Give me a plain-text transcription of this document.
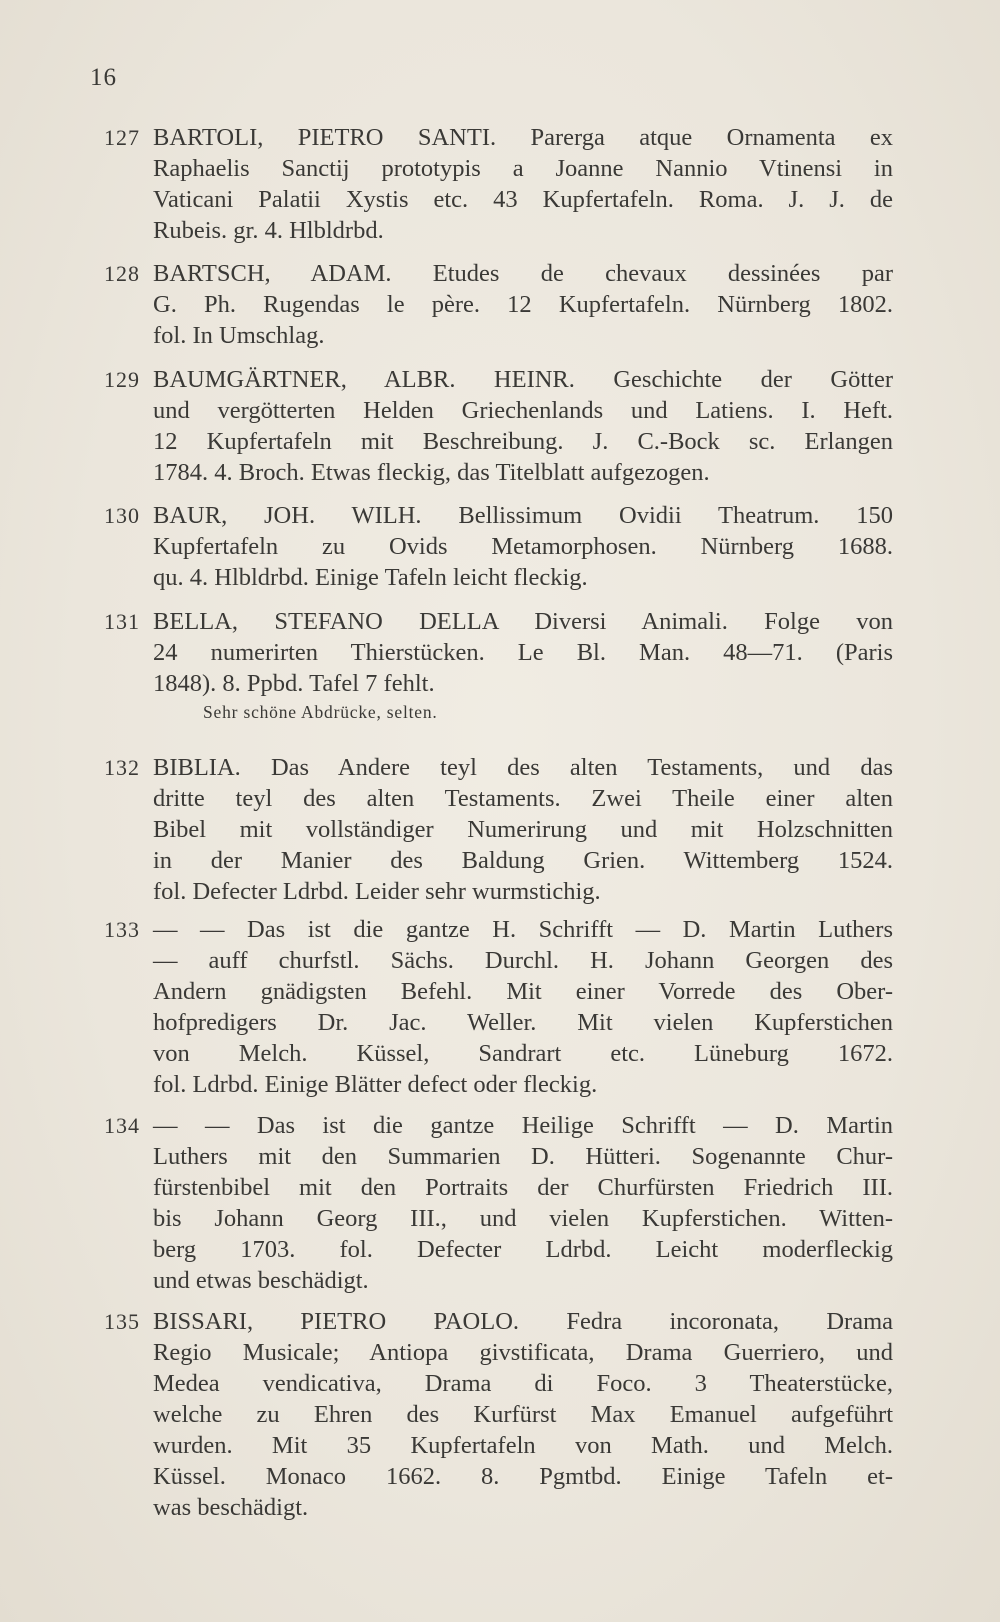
16
127 BARTOLI, PIETRO SANTI. Parerga atque Ornamenta ex
Raphaelis Sanctij prototypis a Joanne Nannio Vtinensi in
Vaticani Palatii Xystis etc. 43 Kupfertafeln. Roma. J. J. de
Rubeis. gr. 4. Hlbldrbd.
128 BARTSCH, ADAM. Etudes de chevaux dessinées par
G. Ph. Rugendas le père. 12 Kupfertafeln. Nürnberg 1802.
fol. In Umschlag.
129 BAUMGÄRTNER, ALBR. HEINR. Geschichte der Götter
und vergötterten Helden Griechenlands und Latiens. I. Heft.
12 Kupfertafeln mit Beschreibung. J. C.-Bock sc. Erlangen
1784. 4. Broch. Etwas fleckig, das Titelblatt aufgezogen.
130 BAUR, JOH. WILH. Bellissimum Ovidii Theatrum. 150
Kupfertafeln zu Ovids Metamorphosen. Nürnberg 1688.
qu. 4. Hlbldrbd. Einige Tafeln leicht fleckig.
131 BELLA, STEFANO DELLA Diversi Animali. Folge von
24 numerirten Thierstücken. Le Bl. Man. 48—71. (Paris
1848). 8. Ppbd. Tafel 7 fehlt.
Sehr schöne Abdrücke, selten.
132 BIBLIA. Das Andere teyl des alten Testaments, und das
dritte teyl des alten Testaments. Zwei Theile einer alten
Bibel mit vollständiger Numerirung und mit Holzschnitten
in der Manier des Baldung Grien. Wittemberg 1524.
fol. Defecter Ldrbd. Leider sehr wurmstichig.
133 — — Das ist die gantze H. Schrifft — D. Martin Luthers
— auff churfstl. Sächs. Durchl. H. Johann Georgen des
Andern gnädigsten Befehl. Mit einer Vorrede des Ober-
hofpredigers Dr. Jac. Weller. Mit vielen Kupferstichen
von Melch. Küssel, Sandrart etc. Lüneburg 1672.
fol. Ldrbd. Einige Blätter defect oder fleckig.
134 — — Das ist die gantze Heilige Schrifft — D. Martin
Luthers mit den Summarien D. Hütteri. Sogenannte Chur-
fürstenbibel mit den Portraits der Churfürsten Friedrich III.
bis Johann Georg III., und vielen Kupferstichen. Witten-
berg 1703. fol. Defecter Ldrbd. Leicht moderfleckig
und etwas beschädigt.
135 BISSARI, PIETRO PAOLO. Fedra incoronata, Drama
Regio Musicale; Antiopa givstificata, Drama Guerriero, und
Medea vendicativa, Drama di Foco. 3 Theaterstücke,
welche zu Ehren des Kurfürst Max Emanuel aufgeführt
wurden. Mit 35 Kupfertafeln von Math. und Melch.
Küssel. Monaco 1662. 8. Pgmtbd. Einige Tafeln et-
was beschädigt.
